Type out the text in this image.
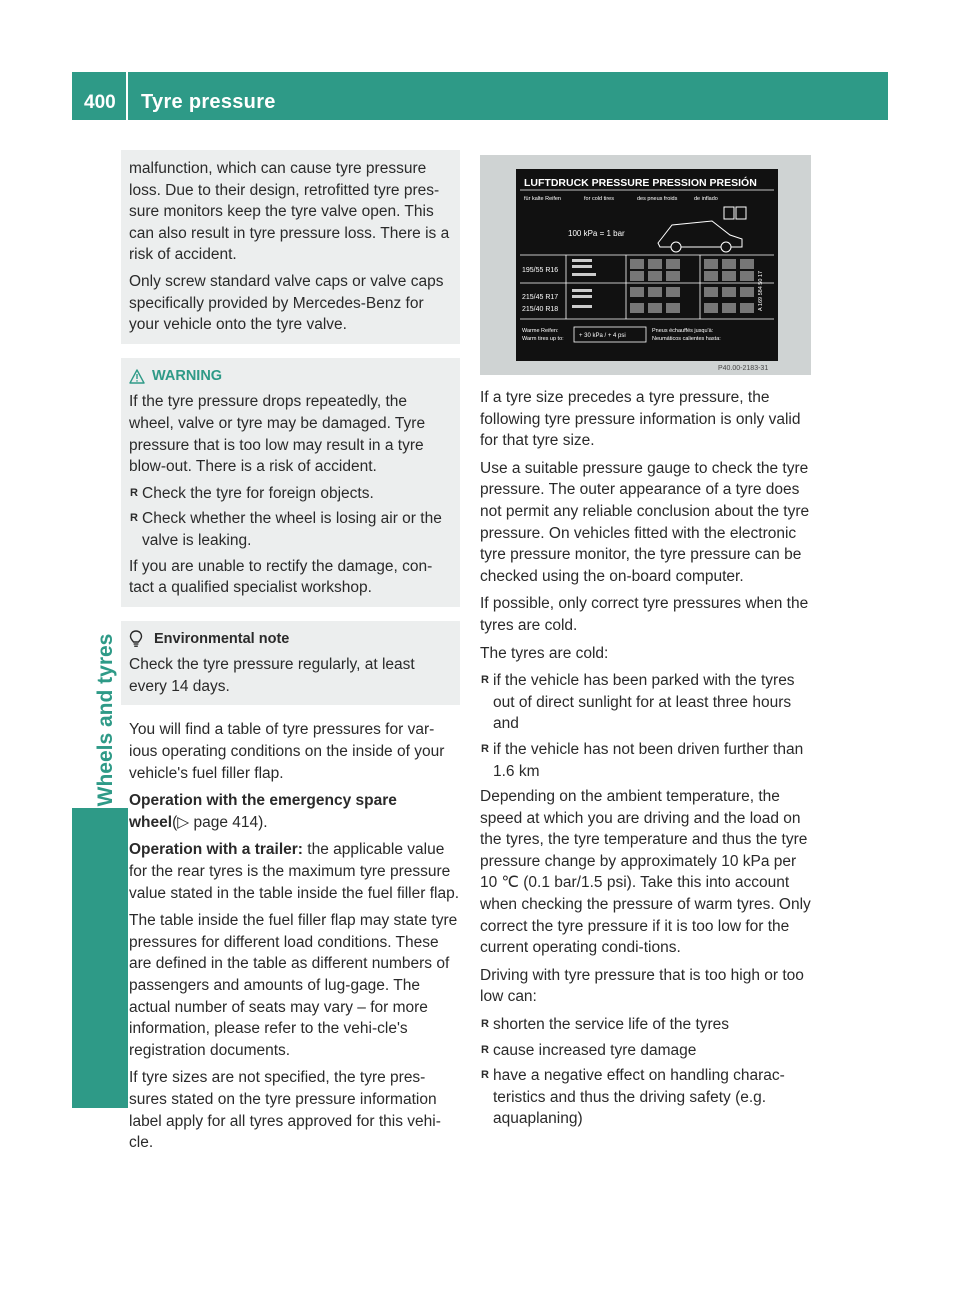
400 Tyre pressure
Wheels and tyres

malfunction, which can cause tyre pressure loss. Due to their design, retrofitted tyre pres-sure monitors keep the tyre valve open. This can also result in tyre pressure loss. There is a risk of accident.

Only screw standard valve caps or valve caps specifically provided by Mercedes-Benz for your vehicle onto the tyre valve.

WARNING

If the tyre pressure drops repeatedly, the wheel, valve or tyre may be damaged. Tyre pressure that is too low may result in a tyre blow-out. There is a risk of accident.

R Check the tyre for foreign objects.
R Check whether the wheel is losing air or the valve is leaking.

If you are unable to rectify the damage, con-tact a qualified specialist workshop.

Environmental note

Check the tyre pressure regularly, at least every 14 days.

You will find a table of tyre pressures for var-ious operating conditions on the inside of your vehicle's fuel filler flap.

Operation with the emergency spare wheel(▷ page 414).

Operation with a trailer: the applicable value for the rear tyres is the maximum tyre pressure value stated in the table inside the fuel filler flap.

The table inside the fuel filler flap may state tyre pressures for different load conditions. These are defined in the table as different numbers of passengers and amounts of lug-gage. The actual number of seats may vary – for more information, please refer to the vehi-cle's registration documents.

If tyre sizes are not specified, the tyre pres-sures stated on the tyre pressure information label apply for all tyres approved for this vehi-cle.

LUFTDRUCK PRESSURE PRESSION PRESIÓN
für kalte Reifen	for cold tires	des pneus froids	de inflado
100 kPa = 1 bar
195/55 R16
215/45 R17
215/40 R18
Warme Reifen:
Warm tires up to:	+ 30 kPa / + 4 psi
Pneus échauffés jusqu'à:
Neumáticos calientes hasta:
A 169 584 50 17
P40.00-2183-31

If a tyre size precedes a tyre pressure, the following tyre pressure information is only valid for that tyre size.

Use a suitable pressure gauge to check the tyre pressure. The outer appearance of a tyre does not permit any reliable conclusion about the tyre pressure. On vehicles fitted with the electronic tyre pressure monitor, the tyre pressure can be checked using the on-board computer.

If possible, only correct tyre pressures when the tyres are cold.

The tyres are cold:

R if the vehicle has been parked with the tyres out of direct sunlight for at least three hours and
R if the vehicle has not been driven further than 1.6 km

Depending on the ambient temperature, the speed at which you are driving and the load on the tyres, the tyre temperature and thus the tyre pressure change by approximately 10 kPa per 10 ℃ (0.1 bar/1.5 psi). Take this into account when checking the pressure of warm tyres. Only correct the tyre pressure if it is too low for the current operating condi-tions.

Driving with tyre pressure that is too high or too low can:

R shorten the service life of the tyres
R cause increased tyre damage
R have a negative effect on handling charac-teristics and thus the driving safety (e.g. aquaplaning)
